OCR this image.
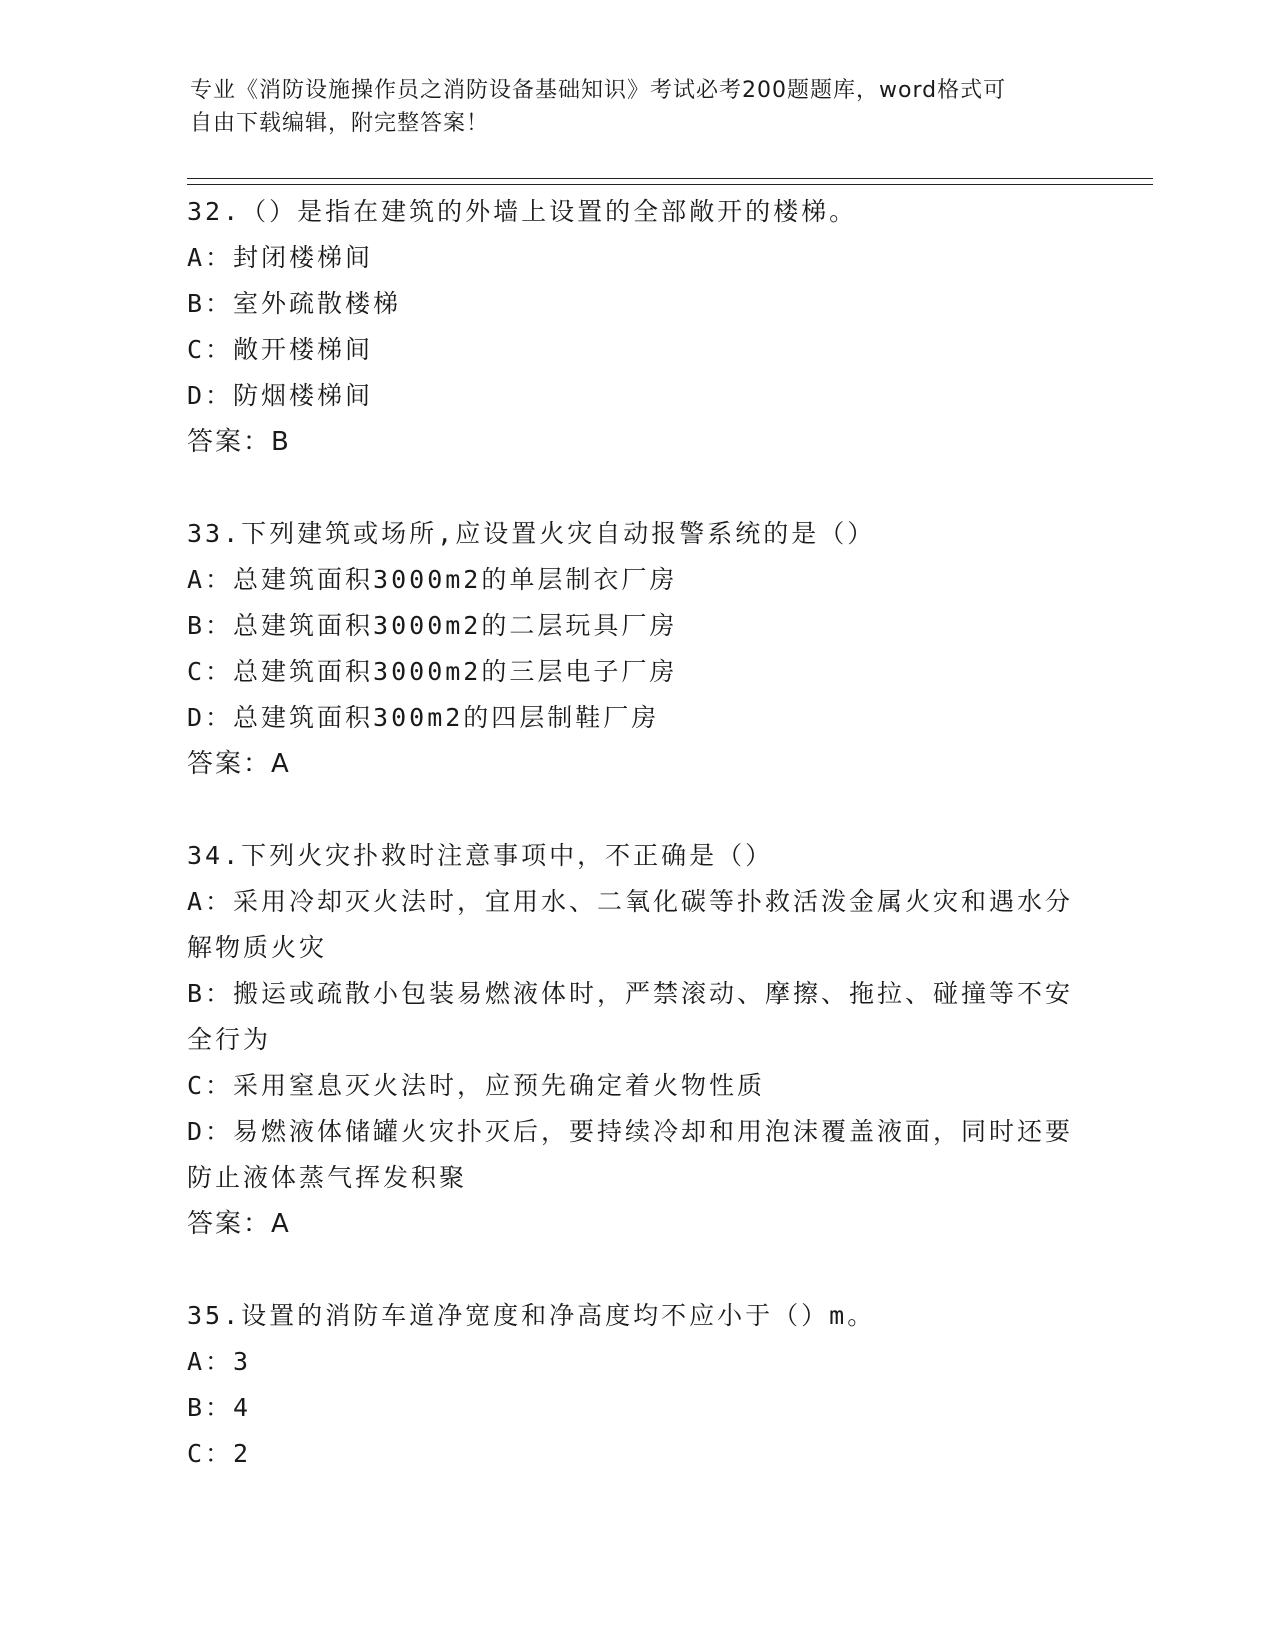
专业《消防设施操作员之消防设备基础知识》考试必考200题题库，word格式可
自由下载编辑，附完整答案！
32.（）是指在建筑的外墙上设置的全部敞开的楼梯。
A：封闭楼梯间
B：室外疏散楼梯
C：敞开楼梯间
D：防烟楼梯间
答案：B
33.下列建筑或场所,应设置火灾自动报警系统的是（）
A：总建筑面积3000m2的单层制衣厂房
B：总建筑面积3000m2的二层玩具厂房
C：总建筑面积3000m2的三层电子厂房
D：总建筑面积300m2的四层制鞋厂房
答案：A
34.下列火灾扑救时注意事项中，不正确是（）
A：采用冷却灭火法时，宜用水、二氧化碳等扑救活泼金属火灾和遇水分解物质火灾
B：搬运或疏散小包装易燃液体时，严禁滚动、摩擦、拖拉、碰撞等不安全行为
C：采用窒息灭火法时，应预先确定着火物性质
D：易燃液体储罐火灾扑灭后，要持续冷却和用泡沫覆盖液面，同时还要防止液体蒸气挥发积聚
答案：A
35.设置的消防车道净宽度和净高度均不应小于（）m。
A：3
B：4
C：2
